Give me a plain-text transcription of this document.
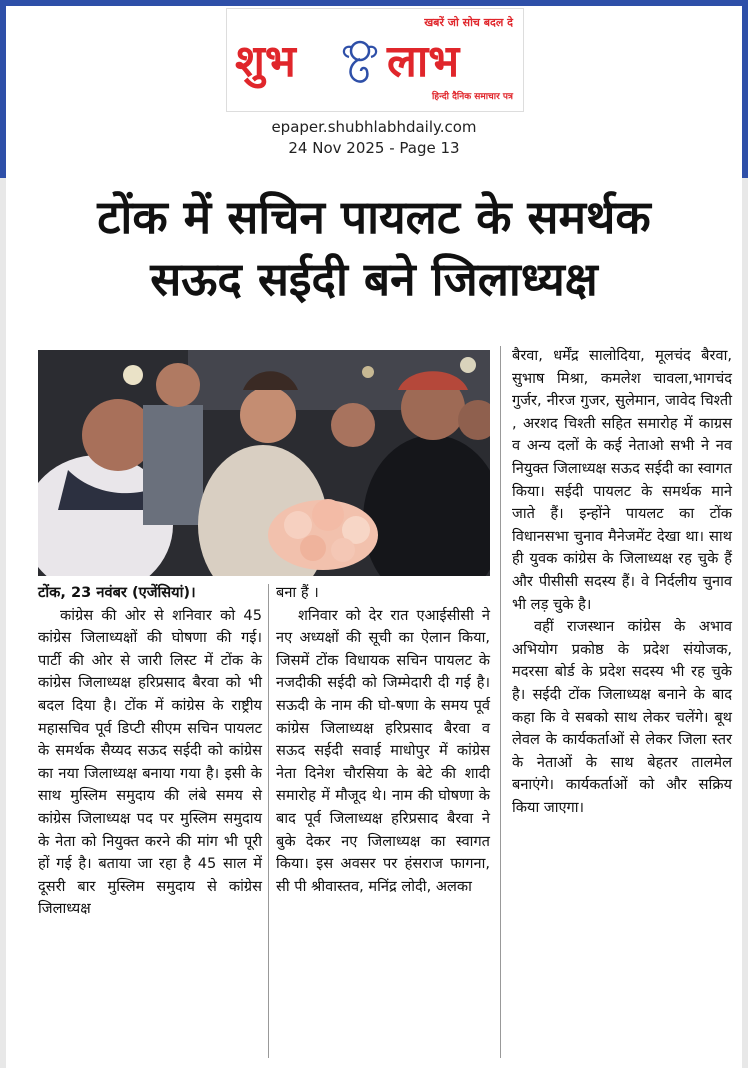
खबरें जो सोच बदल दे
शुभ लाभ
हिन्दी दैनिक समाचार पत्र
epaper.shubhlabhdaily.com
24 Nov 2025 - Page 13
टोंक में सचिन पायलट के समर्थक
सऊद सईदी बने जिलाध्यक्ष
टोंक, 23 नवंबर (एजेंसियां)।

कांग्रेस की ओर से शनिवार को 45 कांग्रेस जिलाध्यक्षों की घोषणा की गई। पार्टी की ओर से जारी लिस्ट में टोंक के कांग्रेस जिलाध्यक्ष हरिप्रसाद बैरवा को भी बदल दिया है। टोंक में कांग्रेस के राष्ट्रीय महासचिव पूर्व डिप्टी सीएम सचिन पायलट के समर्थक सैय्यद सऊद सईदी को कांग्रेस का नया जिलाध्यक्ष बनाया गया है। इसी के साथ मुस्लिम समुदाय की लंबे समय से कांग्रेस जिलाध्यक्ष पद पर मुस्लिम समुदाय के नेता को नियुक्त करने की मांग भी पूरी हों गई है। बताया जा रहा है 45 साल में दूसरी बार मुस्लिम समुदाय से कांग्रेस जिलाध्यक्ष

बना हैं ।

शनिवार को देर रात एआईसीसी ने नए अध्यक्षों की सूची का ऐलान किया, जिसमें टोंक विधायक सचिन पायलट के नजदीकी सईदी को जिम्मेदारी दी गई है। सऊदी के नाम की घो-षणा के समय पूर्व कांग्रेस जिलाध्यक्ष हरिप्रसाद बैरवा व सऊद सईदी सवाई माधोपुर में कांग्रेस नेता दिनेश चौरसिया के बेटे की शादी समारोह में मौजूद थे। नाम की घोषणा के बाद पूर्व जिलाध्यक्ष हरिप्रसाद बैरवा ने बुके देकर नए जिलाध्यक्ष का स्वागत किया। इस अवसर पर हंसराज फागना, सी पी श्रीवास्तव, मनिंद्र लोदी, अलका

बैरवा, धर्मेंद्र सालोदिया, मूलचंद बैरवा, सुभाष मिश्रा, कमलेश चावला,भागचंद गुर्जर, नीरज गुजर, सुलेमान, जावेद चिश्ती , अरशद चिश्ती सहित समारोह में काग्रस व अन्य दलों के कई नेताओ सभी ने नव नियुक्त जिलाध्यक्ष सऊद सईदी का स्वागत किया। सईदी पायलट के समर्थक माने जाते हैं। इन्होंने पायलट का टोंक विधानसभा चुनाव मैनेजमेंट देखा था। साथ ही युवक कांग्रेस के जिलाध्यक्ष रह चुके हैं और पीसीसी सदस्य हैं। वे निर्दलीय चुनाव भी लड़ चुके है।

वहीं राजस्थान कांग्रेस के अभाव अभियोग प्रकोष्ठ के प्रदेश संयोजक, मदरसा बोर्ड के प्रदेश सदस्य भी रह चुके है। सईदी टोंक जिलाध्यक्ष बनाने के बाद कहा कि वे सबको साथ लेकर चलेंगे। बूथ लेवल के कार्यकर्ताओं से लेकर जिला स्तर के नेताओं के साथ बेहतर तालमेल बनाएंगे। कार्यकर्ताओं को और सक्रिय किया जाएगा।
